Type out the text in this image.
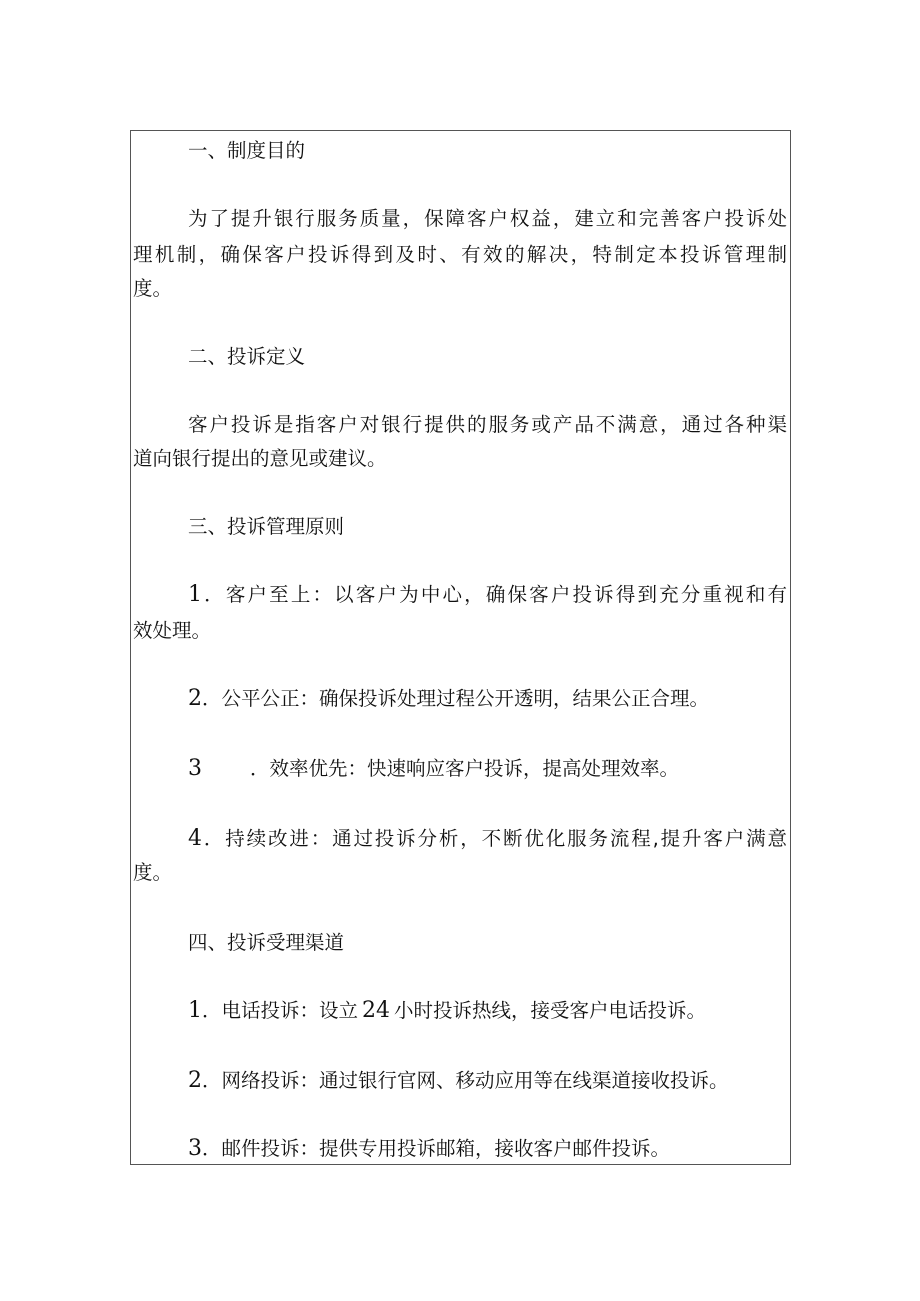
一、制度目的
为了提升银行服务质量，保障客户权益，建立和完善客户投诉处
理机制，确保客户投诉得到及时、有效的解决，特制定本投诉管理制
度。
二、投诉定义
客户投诉是指客户对银行提供的服务或产品不满意，通过各种渠
道向银行提出的意见或建议。
三、投诉管理原则
1．客户至上：以客户为中心，确保客户投诉得到充分重视和有
效处理。
2．公平公正：确保投诉处理过程公开透明，结果公正合理。
3 ．效率优先：快速响应客户投诉，提高处理效率。
4．持续改进：通过投诉分析，不断优化服务流程,提升客户满意
度。
四、投诉受理渠道
1．电话投诉：设立 24 小时投诉热线，接受客户电话投诉。
2．网络投诉：通过银行官网、移动应用等在线渠道接收投诉。
3．邮件投诉：提供专用投诉邮箱，接收客户邮件投诉。
